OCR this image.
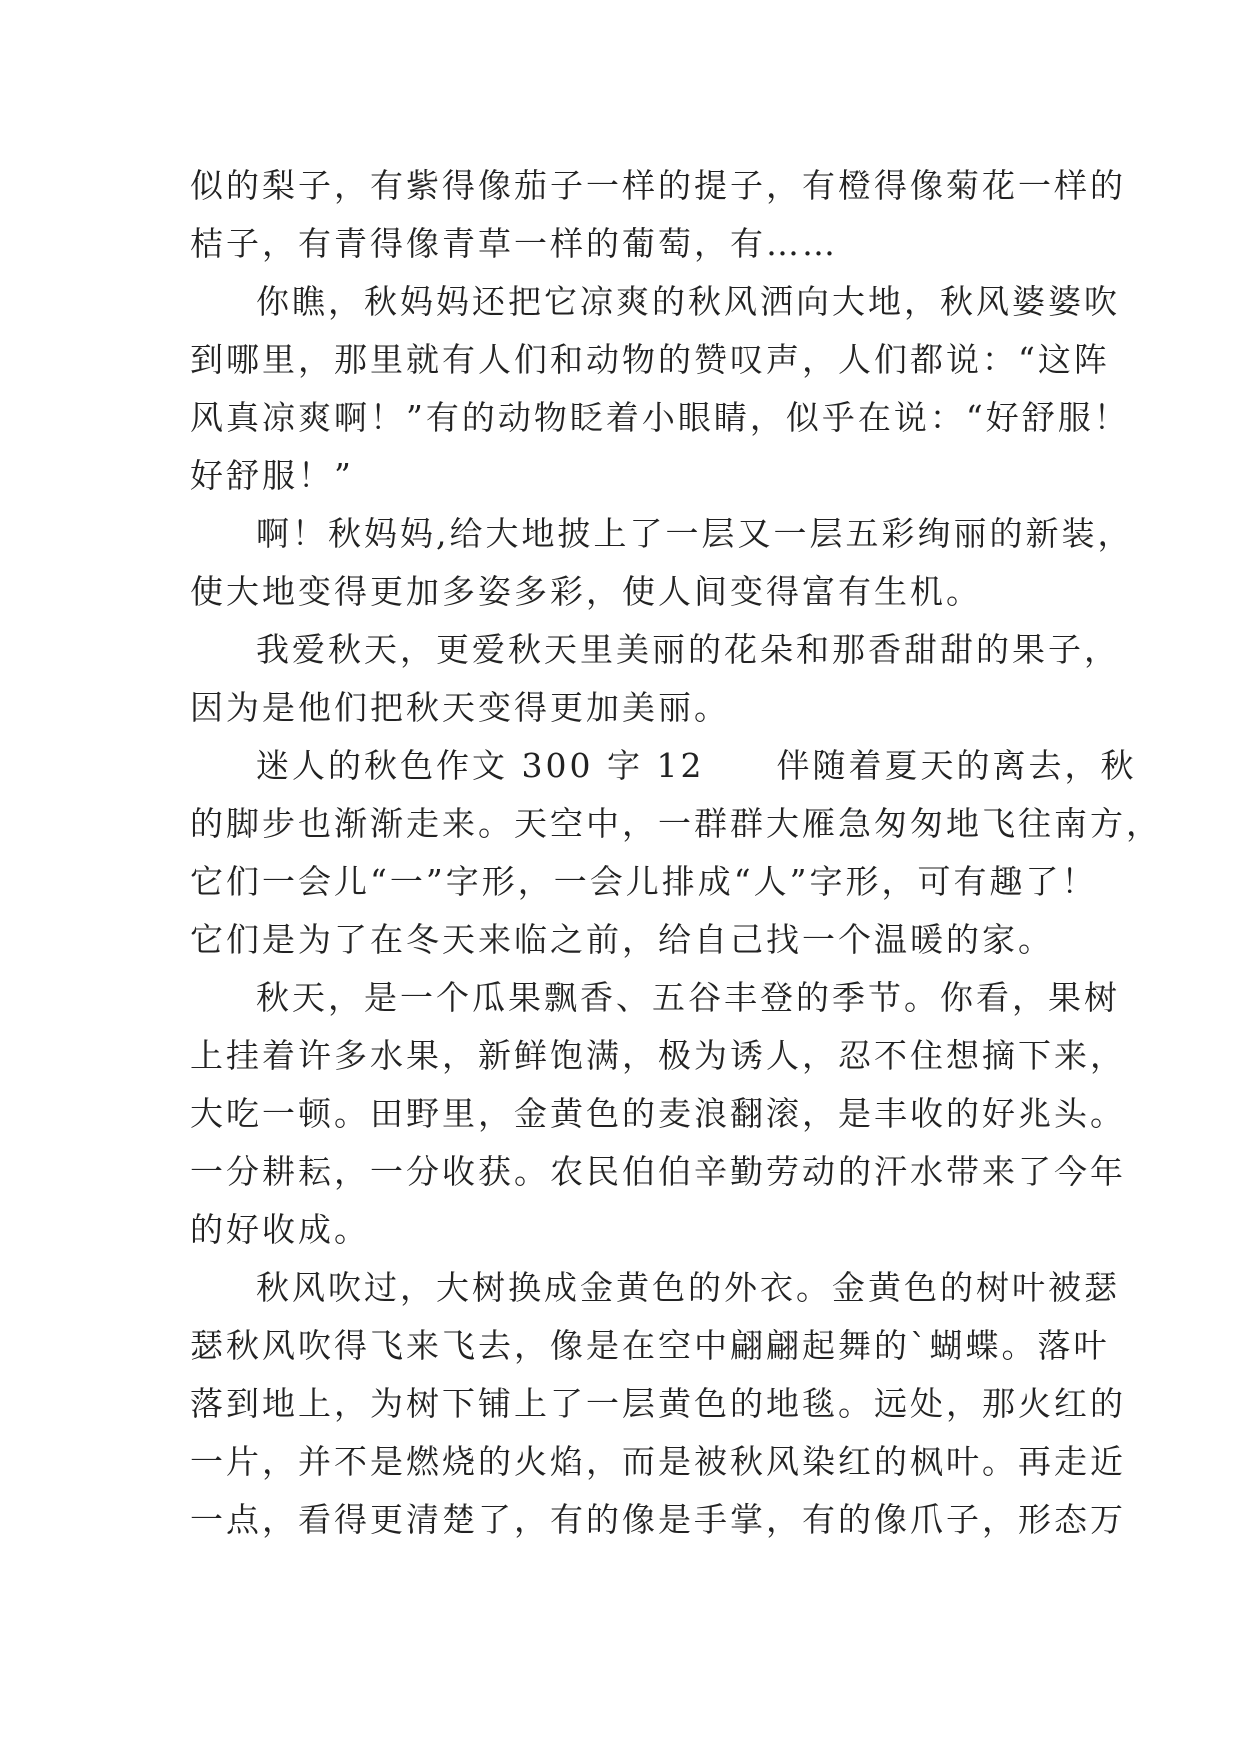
似的梨子，有紫得像茄子一样的提子，有橙得像菊花一样的
桔子，有青得像青草一样的葡萄，有……
你瞧，秋妈妈还把它凉爽的秋风洒向大地，秋风婆婆吹
到哪里，那里就有人们和动物的赞叹声，人们都说：“这阵
风真凉爽啊！”有的动物眨着小眼睛，似乎在说：“好舒服！
好舒服！”
啊！秋妈妈,给大地披上了一层又一层五彩绚丽的新装，
使大地变得更加多姿多彩，使人间变得富有生机。
我爱秋天，更爱秋天里美丽的花朵和那香甜甜的果子，
因为是他们把秋天变得更加美丽。
迷人的秋色作文 300 字 12　　伴随着夏天的离去，秋
的脚步也渐渐走来。天空中，一群群大雁急匆匆地飞往南方，
它们一会儿“一”字形，一会儿排成“人”字形，可有趣了！
它们是为了在冬天来临之前，给自己找一个温暖的家。
秋天，是一个瓜果飘香、五谷丰登的季节。你看，果树
上挂着许多水果，新鲜饱满，极为诱人，忍不住想摘下来，
大吃一顿。田野里，金黄色的麦浪翻滚，是丰收的好兆头。
一分耕耘，一分收获。农民伯伯辛勤劳动的汗水带来了今年
的好收成。
秋风吹过，大树换成金黄色的外衣。金黄色的树叶被瑟
瑟秋风吹得飞来飞去，像是在空中翩翩起舞的`蝴蝶。落叶
落到地上，为树下铺上了一层黄色的地毯。远处，那火红的
一片，并不是燃烧的火焰，而是被秋风染红的枫叶。再走近
一点，看得更清楚了，有的像是手掌，有的像爪子，形态万
